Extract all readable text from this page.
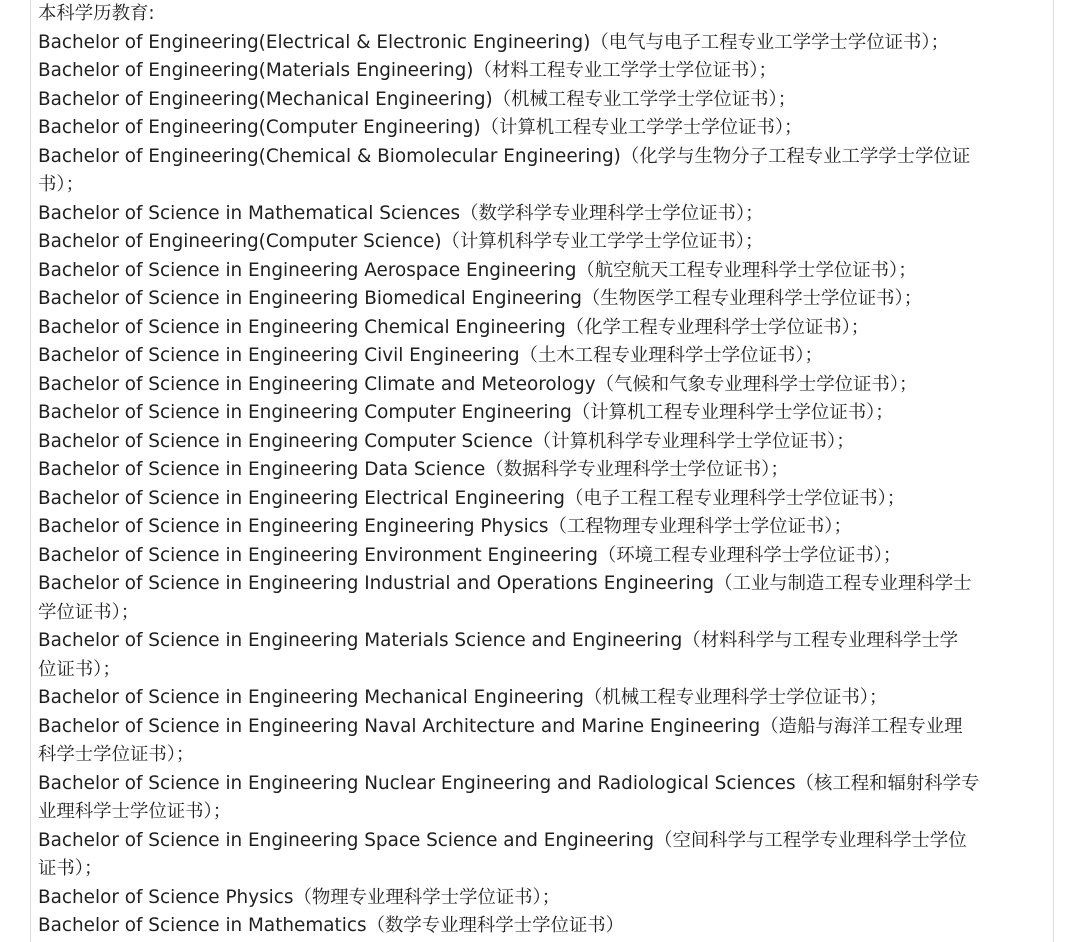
本科学历教育:
Bachelor of Engineering(Electrical & Electronic Engineering)（电气与电子工程专业工学学士学位证书）；
Bachelor of Engineering(Materials Engineering)（材料工程专业工学学士学位证书）；
Bachelor of Engineering(Mechanical Engineering)（机械工程专业工学学士学位证书）；
Bachelor of Engineering(Computer Engineering)（计算机工程专业工学学士学位证书）；
Bachelor of Engineering(Chemical & Biomolecular Engineering)（化学与生物分子工程专业工学学士学位证
书）；
Bachelor of Science in Mathematical Sciences（数学科学专业理科学士学位证书）；
Bachelor of Engineering(Computer Science)（计算机科学专业工学学士学位证书）；
Bachelor of Science in Engineering Aerospace Engineering（航空航天工程专业理科学士学位证书）；
Bachelor of Science in Engineering Biomedical Engineering（生物医学工程专业理科学士学位证书）；
Bachelor of Science in Engineering Chemical Engineering（化学工程专业理科学士学位证书）；
Bachelor of Science in Engineering Civil Engineering（土木工程专业理科学士学位证书）；
Bachelor of Science in Engineering Climate and Meteorology（气候和气象专业理科学士学位证书）；
Bachelor of Science in Engineering Computer Engineering（计算机工程专业理科学士学位证书）；
Bachelor of Science in Engineering Computer Science（计算机科学专业理科学士学位证书）；
Bachelor of Science in Engineering Data Science（数据科学专业理科学士学位证书）；
Bachelor of Science in Engineering Electrical Engineering（电子工程工程专业理科学士学位证书）；
Bachelor of Science in Engineering Engineering Physics（工程物理专业理科学士学位证书）；
Bachelor of Science in Engineering Environment Engineering（环境工程专业理科学士学位证书）；
Bachelor of Science in Engineering Industrial and Operations Engineering（工业与制造工程专业理科学士
学位证书）；
Bachelor of Science in Engineering Materials Science and Engineering（材料科学与工程专业理科学士学
位证书）；
Bachelor of Science in Engineering Mechanical Engineering（机械工程专业理科学士学位证书）；
Bachelor of Science in Engineering Naval Architecture and Marine Engineering（造船与海洋工程专业理
科学士学位证书）；
Bachelor of Science in Engineering Nuclear Engineering and Radiological Sciences（核工程和辐射科学专
业理科学士学位证书）；
Bachelor of Science in Engineering Space Science and Engineering（空间科学与工程学专业理科学士学位
证书）；
Bachelor of Science Physics（物理专业理科学士学位证书）；
Bachelor of Science in Mathematics（数学专业理科学士学位证书）
